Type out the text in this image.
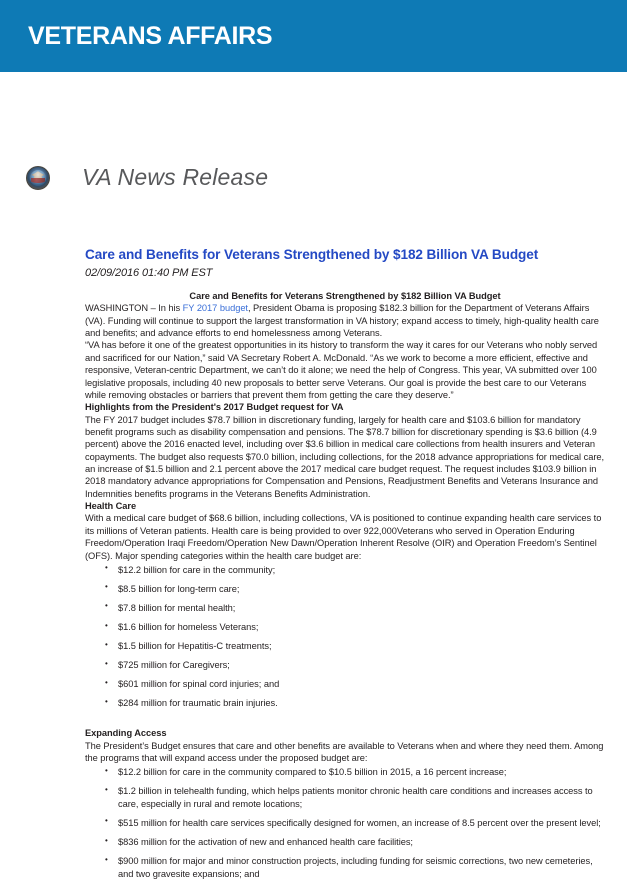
VETERANS AFFAIRS
VA News Release
Care and Benefits for Veterans Strengthened by $182 Billion VA Budget
02/09/2016 01:40 PM EST

Care and Benefits for Veterans Strengthened by $182 Billion VA Budget

WASHINGTON – In his FY 2017 budget, President Obama is proposing $182.3 billion for the Department of Veterans Affairs (VA). Funding will continue to support the largest transformation in VA history; expand access to timely, high-quality health care and benefits; and advance efforts to end homelessness among Veterans.

“VA has before it one of the greatest opportunities in its history to transform the way it cares for our Veterans who nobly served and sacrificed for our Nation,” said VA Secretary Robert A. McDonald. “As we work to become a more efficient, effective and responsive, Veteran-centric Department, we can’t do it alone; we need the help of Congress. This year, VA submitted over 100 legislative proposals, including 40 new proposals to better serve Veterans. Our goal is provide the best care to our Veterans while removing obstacles or barriers that prevent them from getting the care they deserve.”

Highlights from the President's 2017 Budget request for VA

The FY 2017 budget includes $78.7 billion in discretionary funding, largely for health care and $103.6 billion for mandatory benefit programs such as disability compensation and pensions. The $78.7 billion for discretionary spending is $3.6 billion (4.9 percent) above the 2016 enacted level, including over $3.6 billion in medical care collections from health insurers and Veteran copayments. The budget also requests $70.0 billion, including collections, for the 2018 advance appropriations for medical care, an increase of $1.5 billion and 2.1 percent above the 2017 medical care budget request. The request includes $103.9 billion in 2018 mandatory advance appropriations for Compensation and Pensions, Readjustment Benefits and Veterans Insurance and Indemnities benefits programs in the Veterans Benefits Administration.

Health Care

With a medical care budget of $68.6 billion, including collections, VA is positioned to continue expanding health care services to its millions of Veteran patients. Health care is being provided to over 922,000Veterans who served in Operation Enduring Freedom/Operation Iraqi Freedom/Operation New Dawn/Operation Inherent Resolve (OIR) and Operation Freedom’s Sentinel (OFS). Major spending categories within the health care budget are:

• $12.2 billion for care in the community;
• $8.5 billion for long-term care;
• $7.8 billion for mental health;
• $1.6 billion for homeless Veterans;
• $1.5 billion for Hepatitis-C treatments;
• $725 million for Caregivers;
• $601 million for spinal cord injuries; and
• $284 million for traumatic brain injuries.

Expanding Access

The President’s Budget ensures that care and other benefits are available to Veterans when and where they need them. Among the programs that will expand access under the proposed budget are:

• $12.2 billion for care in the community compared to $10.5 billion in 2015, a 16 percent increase;
• $1.2 billion in telehealth funding, which helps patients monitor chronic health care conditions and increases access to care, especially in rural and remote locations;
• $515 million for health care services specifically designed for women, an increase of 8.5 percent over the present level;
• $836 million for the activation of new and enhanced health care facilities;
• $900 million for major and minor construction projects, including funding for seismic corrections, two new cemeteries, and two gravesite expansions; and
